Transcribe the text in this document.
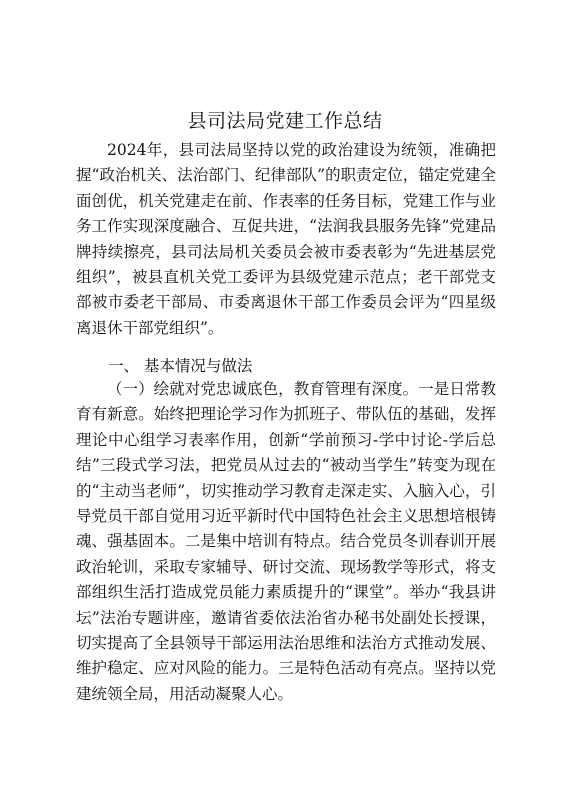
县司法局党建工作总结

2024年，县司法局坚持以党的政治建设为统领，准确把握“政治机关、法治部门、纪律部队”的职责定位，锚定党建全面创优，机关党建走在前、作表率的任务目标，党建工作与业务工作实现深度融合、互促共进，“法润我县服务先锋”党建品牌持续擦亮，县司法局机关委员会被市委表彰为“先进基层党组织”，被县直机关党工委评为县级党建示范点；老干部党支部被市委老干部局、市委离退休干部工作委员会评为“四星级离退休干部党组织”。

一、 基本情况与做法

（一）绘就对党忠诚底色，教育管理有深度。一是日常教育有新意。始终把理论学习作为抓班子、带队伍的基础，发挥理论中心组学习表率作用，创新“学前预习-学中讨论-学后总结”三段式学习法，把党员从过去的“被动当学生”转变为现在的“主动当老师”，切实推动学习教育走深走实、入脑入心，引导党员干部自觉用习近平新时代中国特色社会主义思想培根铸魂、强基固本。二是集中培训有特点。结合党员冬训春训开展政治轮训，采取专家辅导、研讨交流、现场教学等形式，将支部组织生活打造成党员能力素质提升的“课堂”。举办“我县讲坛”法治专题讲座，邀请省委依法治省办秘书处副处长授课，切实提高了全县领导干部运用法治思维和法治方式推动发展、维护稳定、应对风险的能力。三是特色活动有亮点。坚持以党建统领全局，用活动凝聚人心。
